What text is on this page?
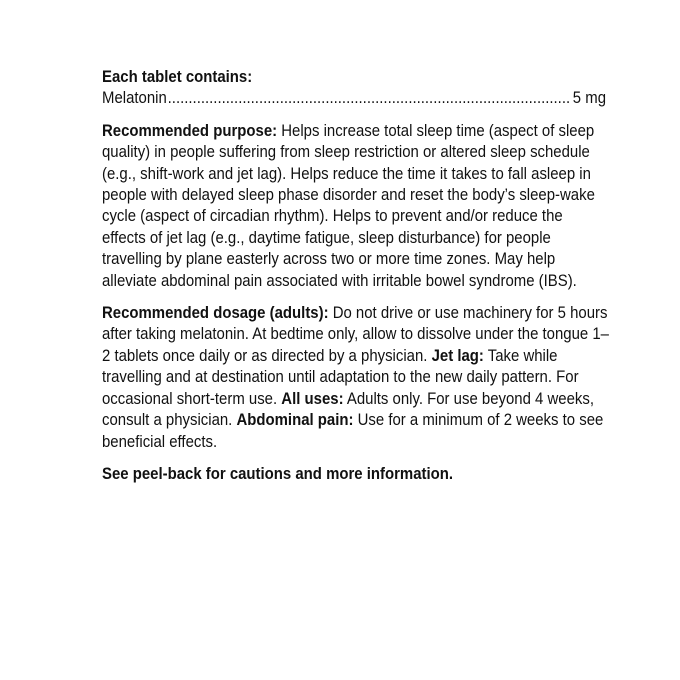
Each tablet contains:
Melatonin
.....	5 mg

Recommended purpose: Helps increase total sleep time (aspect of sleep quality) in people suffering from sleep restriction or altered sleep schedule (e.g., shift-work and jet lag). Helps reduce the time it takes to fall asleep in people with delayed sleep phase disorder and reset the body’s sleep-wake cycle (aspect of circadian rhythm). Helps to prevent and/or reduce the effects of jet lag (e.g., daytime fatigue, sleep disturbance) for people travelling by plane easterly across two or more time zones. May help alleviate abdominal pain associated with irritable bowel syndrome (IBS).

Recommended dosage (adults): Do not drive or use machinery for 5 hours after taking melatonin. At bedtime only, allow to dissolve under the tongue 1–2 tablets once daily or as directed by a physician. Jet lag: Take while travelling and at destination until adaptation to the new daily pattern. For occasional short-term use. All uses: Adults only. For use beyond 4 weeks, consult a physician. Abdominal pain: Use for a minimum of 2 weeks to see beneficial effects.

See peel-back for cautions and more information.
